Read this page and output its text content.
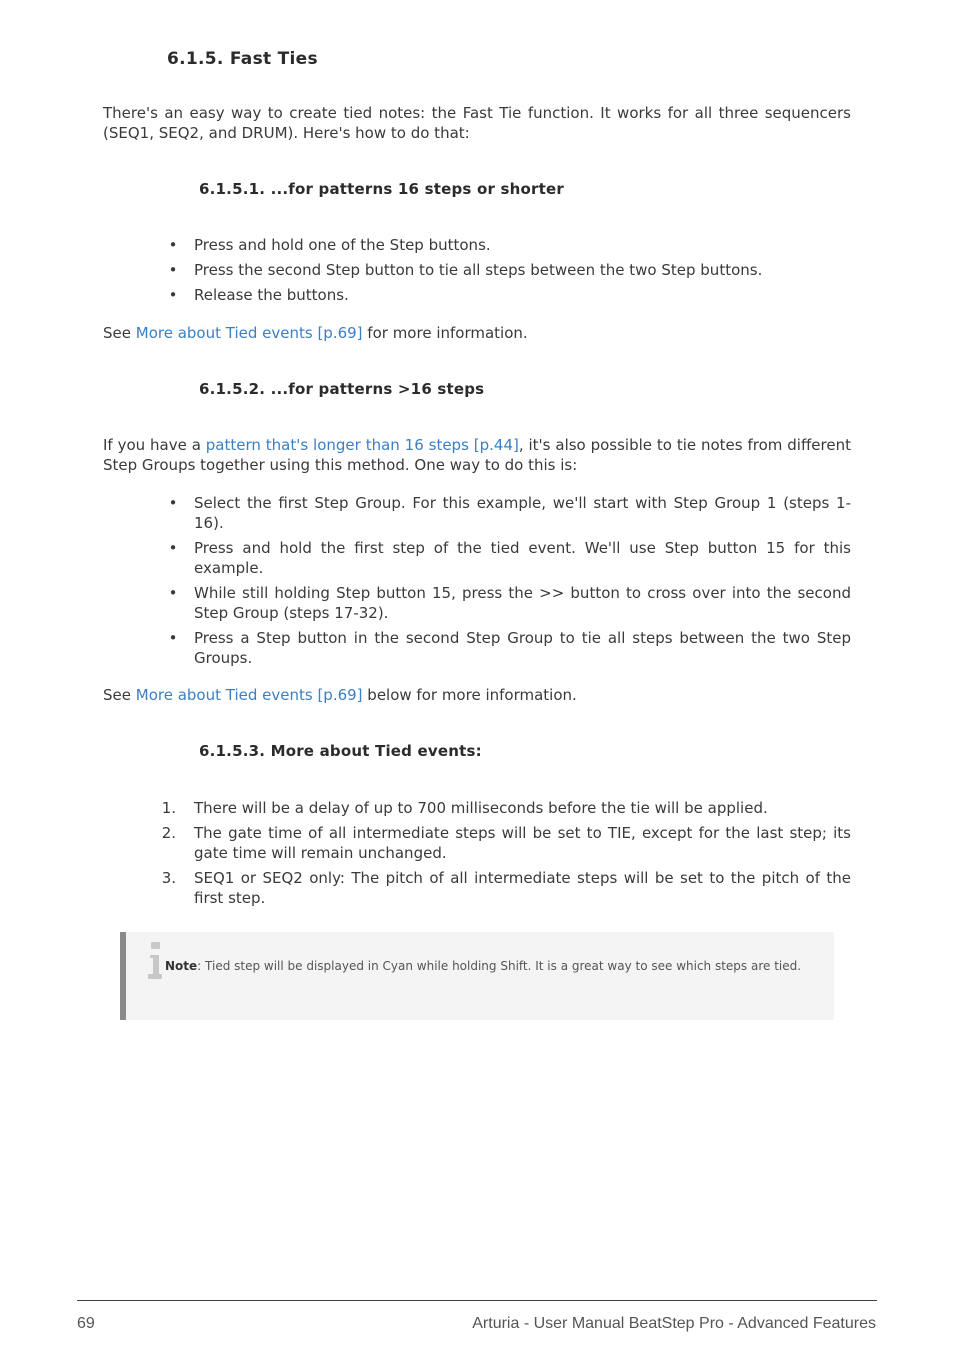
6.1.5. Fast Ties

There's an easy way to create tied notes: the Fast Tie function. It works for all three sequencers (SEQ1, SEQ2, and DRUM). Here's how to do that:

6.1.5.1. ...for patterns 16 steps or shorter
• Press and hold one of the Step buttons.
• Press the second Step button to tie all steps between the two Step buttons.
• Release the buttons.

See More about Tied events [p.69] for more information.

6.1.5.2. ...for patterns >16 steps

If you have a pattern that's longer than 16 steps [p.44], it's also possible to tie notes from different Step Groups together using this method. One way to do this is:

• Select the first Step Group. For this example, we'll start with Step Group 1 (steps 1-16).
• Press and hold the first step of the tied event. We'll use Step button 15 for this example.
• While still holding Step button 15, press the >> button to cross over into the second Step Group (steps 17-32).
• Press a Step button in the second Step Group to tie all steps between the two Step Groups.

See More about Tied events [p.69] below for more information.

6.1.5.3. More about Tied events:
1. There will be a delay of up to 700 milliseconds before the tie will be applied.
2. The gate time of all intermediate steps will be set to TIE, except for the last step; its gate time will remain unchanged.
3. SEQ1 or SEQ2 only: The pitch of all intermediate steps will be set to the pitch of the first step.
Note: Tied step will be displayed in Cyan while holding Shift. It is a great way to see which steps are tied.
69	Arturia - User Manual BeatStep Pro - Advanced Features
